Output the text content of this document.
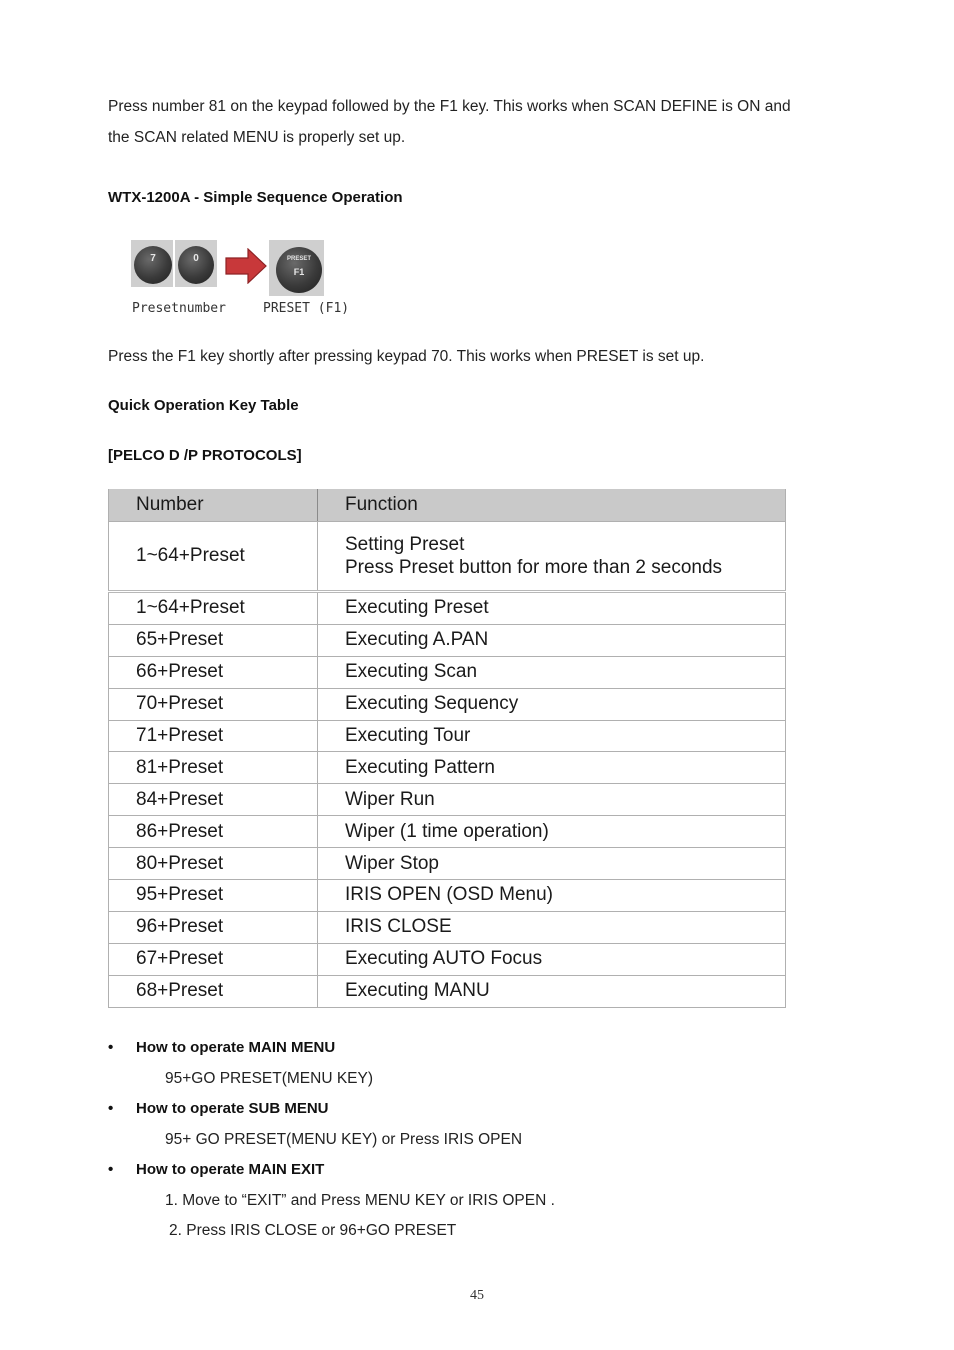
Press number 81 on the keypad followed by the F1 key. This works when SCAN DEFINE is ON and
the SCAN related MENU is properly set up.
WTX-1200A - Simple Sequence Operation
7	0	PRESET
F1
Presetnumber	PRESET (F1)
Press the F1 key shortly after pressing keypad 70. This works when PRESET is set up.
Quick Operation Key Table
[PELCO D /P PROTOCOLS]
Number	Function
1~64+Preset	Setting Preset
Press Preset button for more than 2 seconds

1~64+Preset	Executing Preset
65+Preset	Executing A.PAN
66+Preset	Executing Scan
70+Preset	Executing Sequency
71+Preset	Executing Tour
81+Preset	Executing Pattern
84+Preset	Wiper Run
86+Preset	Wiper (1 time operation)
80+Preset	Wiper Stop
95+Preset	IRIS OPEN (OSD Menu)
96+Preset	IRIS CLOSE
67+Preset	Executing AUTO Focus
68+Preset	Executing MANU
• How to operate MAIN MENU
95+GO PRESET(MENU KEY)
• How to operate SUB MENU
95+ GO PRESET(MENU KEY) or Press IRIS OPEN
• How to operate MAIN EXIT
1. Move to “EXIT” and Press MENU KEY or IRIS OPEN .
2. Press IRIS CLOSE or 96+GO PRESET
45
